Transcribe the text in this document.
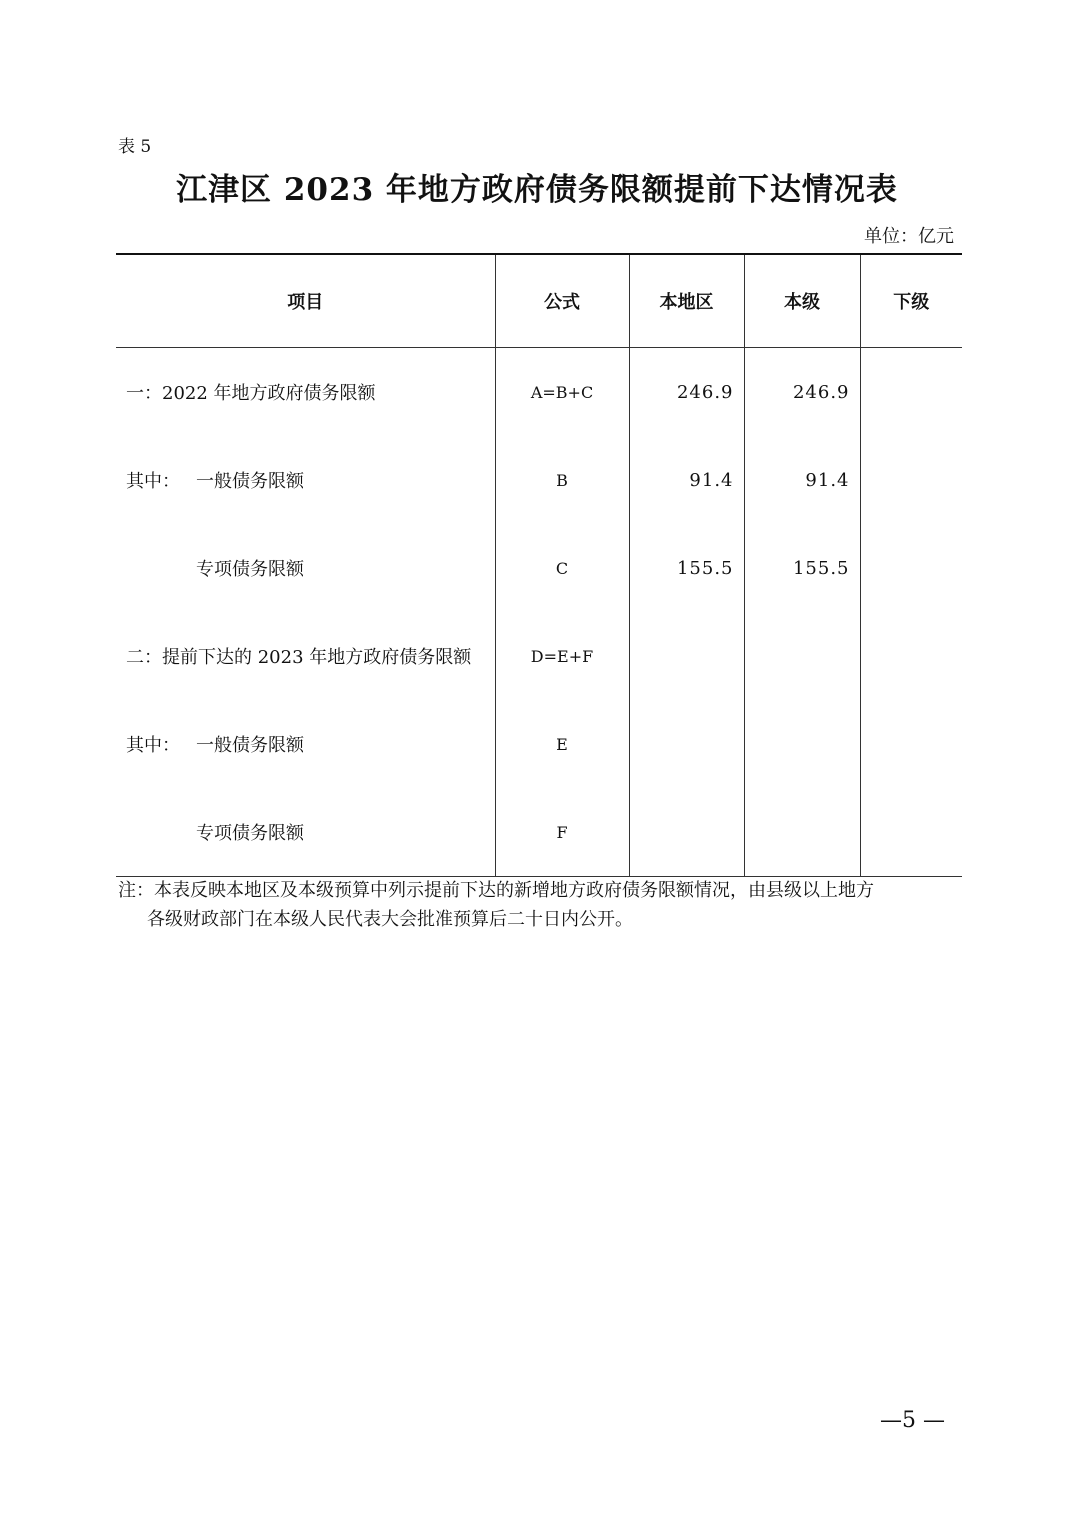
表 5
江津区 2023 年地方政府债务限额提前下达情况表
单位：亿元
项目	公式	本地区	本级	下级
一：2022 年地方政府债务限额	A=B+C	246.9	246.9	
其中： 一般债务限额	B	91.4	91.4	
专项债务限额	C	155.5	155.5	
二：提前下达的 2023 年地方政府债务限额	D=E+F			
其中： 一般债务限额	E			
专项债务限额	F			
注：本表反映本地区及本级预算中列示提前下达的新增地方政府债务限额情况，由县级以上地方
各级财政部门在本级人民代表大会批准预算后二十日内公开。
—5 —
